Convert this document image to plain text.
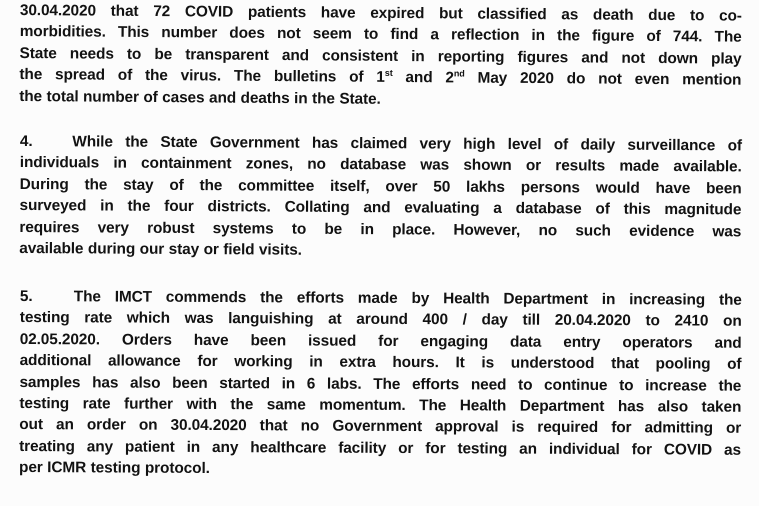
30.04.2020 that 72 COVID patients have expired but classified as death due to co-
morbidities. This number does not seem to find a reflection in the figure of 744. The
State needs to be transparent and consistent in reporting figures and not down play
the spread of the virus. The bulletins of 1st and 2nd May 2020 do not even mention
the total number of cases and deaths in the State.
4.	While the State Government has claimed very high level of daily surveillance of
individuals in containment zones, no database was shown or results made available.
During the stay of the committee itself, over 50 lakhs persons would have been
surveyed in the four districts. Collating and evaluating a database of this magnitude
requires very robust systems to be in place. However, no such evidence was
available during our stay or field visits.
5.	The IMCT commends the efforts made by Health Department in increasing the
testing rate which was languishing at around 400 / day till 20.04.2020 to 2410 on
02.05.2020. Orders have been issued for engaging data entry operators and
additional allowance for working in extra hours. It is understood that pooling of
samples has also been started in 6 labs. The efforts need to continue to increase the
testing rate further with the same momentum. The Health Department has also taken
out an order on 30.04.2020 that no Government approval is required for admitting or
treating any patient in any healthcare facility or for testing an individual for COVID as
per ICMR testing protocol.
